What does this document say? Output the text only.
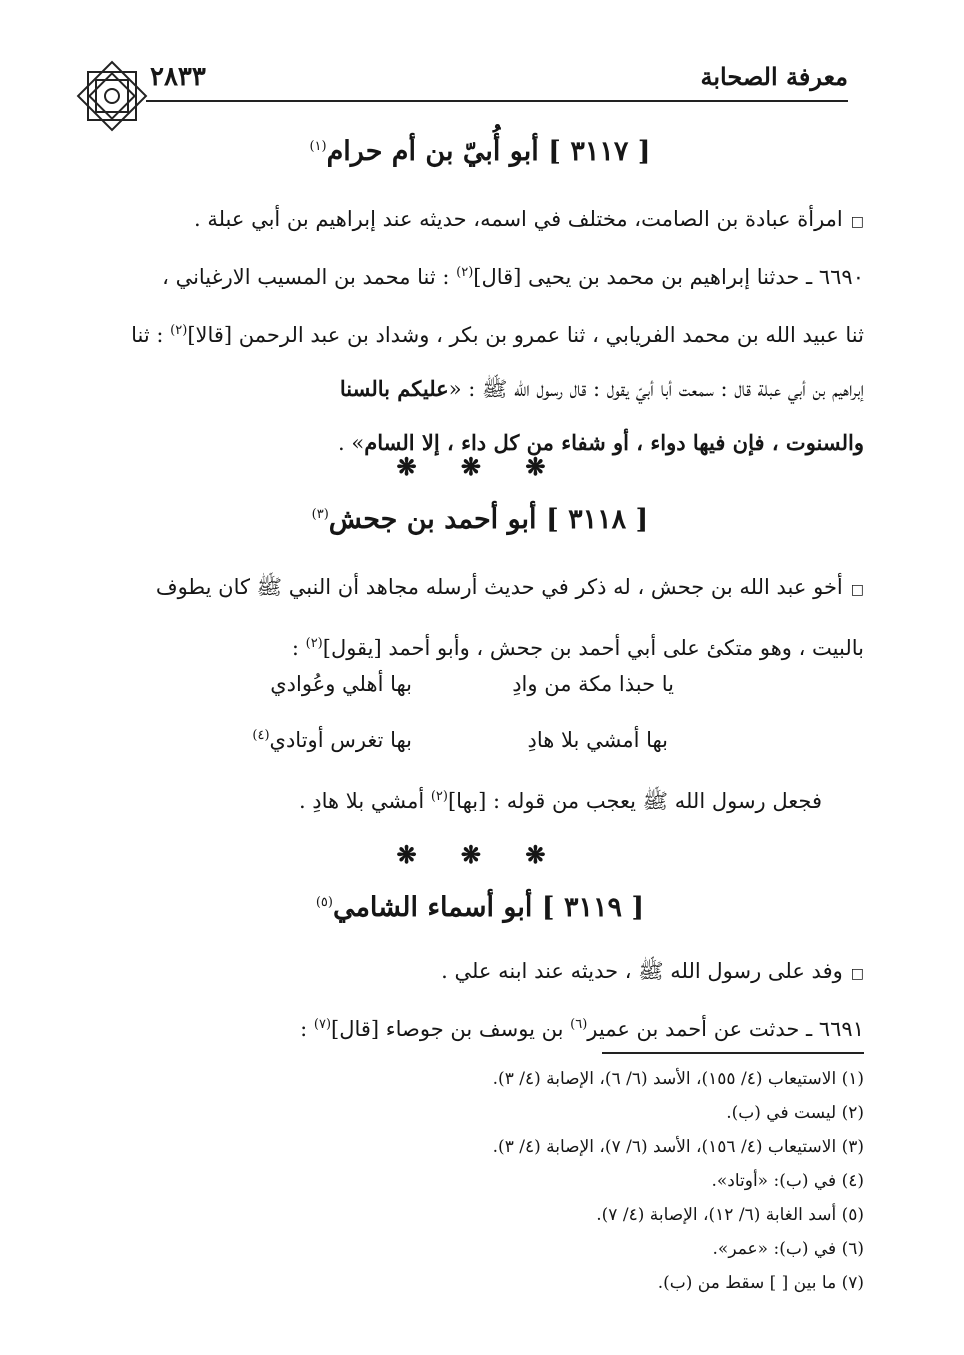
معرفة الصحابة
٢٨٣٣
[ ٣١١٧ ] أبو أُبيّ بن أم حرام$^{(١)}$
□امرأة عبادة بن الصامت، مختلف في اسمه، حديثه عند إبراهيم بن أبي عبلة .
٦٦٩٠ ـ حدثنا إبراهيم بن محمد بن يحيى [قال]$^{(٢)}$ : ثنا محمد بن المسيب الارغياني ،
ثنا عبيد الله بن محمد الفريابي ، ثنا عمرو بن بكر ، وشداد بن عبد الرحمن [قالا]$^{(٢)}$ : ثنا
إبراهيم بن أبي عبلة قال : سمعت أبا أبيّ يقول : قال رسول الله ﷺ : «عليكم بالسنا
والسنوت ، فإن فيها دواء ، أو شفاء من كل داء ، إلا السام» .
❋ ❋ ❋
[ ٣١١٨ ] أبو أحمد بن جحش$^{(٣)}$
□أخو عبد الله بن جحش ، له ذكر في حديث أرسله مجاهد أن النبي ﷺ كان يطوف
بالبيت ، وهو متكئ على أبي أحمد بن جحش ، وأبو أحمد [يقول]$^{(٢)}$ :
يا حبذا مكة من وادِ
بها أهلي وعُوادي
بها أمشي بلا هادِ
بها تغرس أوتادي$^{(٤)}$
فجعل رسول الله ﷺ يعجب من قوله : [بها]$^{(٢)}$ أمشي بلا هادِ .
❋ ❋ ❋
[ ٣١١٩ ] أبو أسماء الشامي$^{(٥)}$
□وفد على رسول الله ﷺ ، حديثه عند ابنه علي .
٦٦٩١ ـ حدثت عن أحمد بن عمير$^{(٦)}$ بن يوسف بن جوصاء [قال]$^{(٧)}$ :
(١) الاستيعاب (٤/ ١٥٥)، الأسد (٦/ ٦)، الإصابة (٤/ ٣).
(٢) ليست في (ب).
(٣) الاستيعاب (٤/ ١٥٦)، الأسد (٦/ ٧)، الإصابة (٤/ ٣).
(٤) في (ب): «أوتاد».
(٥) أسد الغابة (٦/ ١٢)، الإصابة (٤/ ٧).
(٦) في (ب): «عمر».
(٧) ما بين [ ] سقط من (ب).
